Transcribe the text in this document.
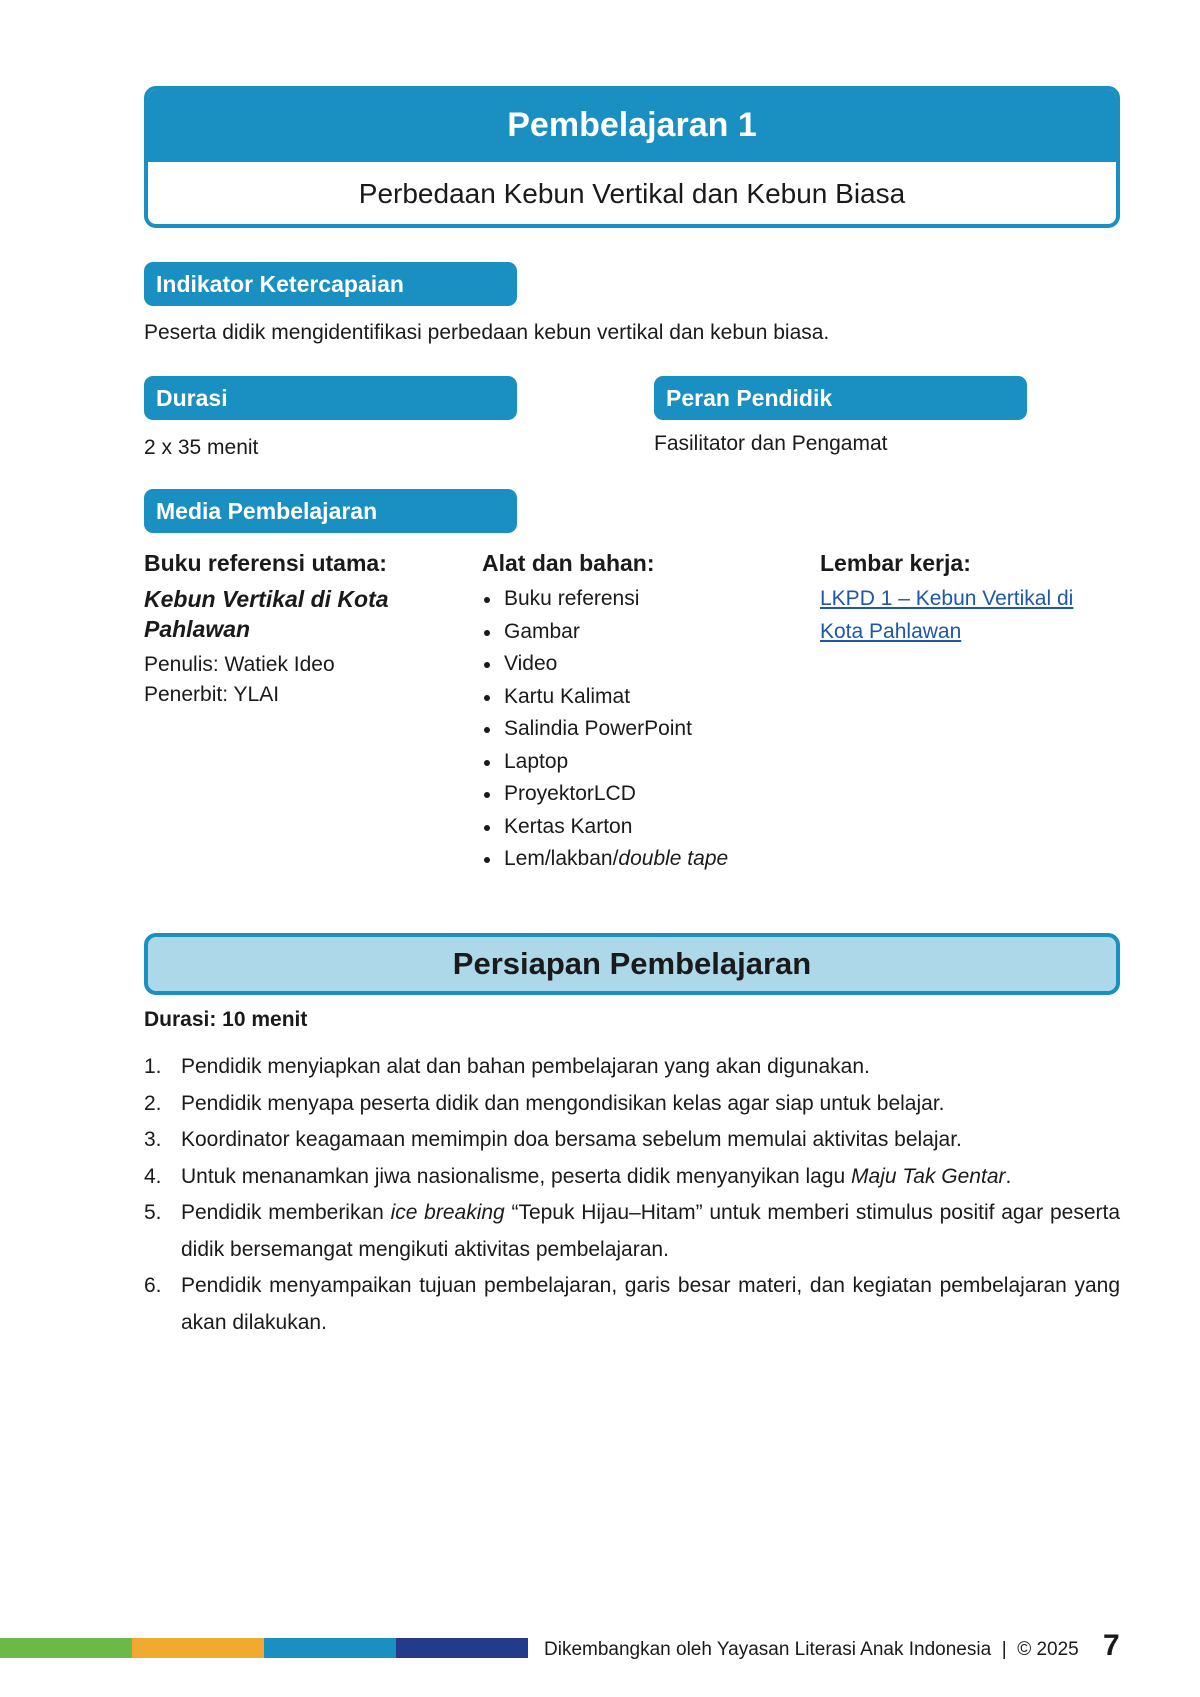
Pembelajaran 1
Perbedaan Kebun Vertikal dan Kebun Biasa
Indikator Ketercapaian
Peserta didik mengidentifikasi perbedaan kebun vertikal dan kebun biasa.
Durasi
2 x 35 menit
Peran Pendidik
Fasilitator dan Pengamat
Media Pembelajaran
Buku referensi utama:
Kebun Vertikal di Kota
Pahlawan
Penulis: Watiek Ideo
Penerbit: YLAI
Alat dan bahan:
Buku referensi
Gambar
Video
Kartu Kalimat
Salindia PowerPoint
Laptop
ProyektorLCD
Kertas Karton
Lem/lakban/double tape
Lembar kerja:
LKPD 1 – Kebun Vertikal di
Kota Pahlawan
Persiapan Pembelajaran
Durasi: 10 menit
1. Pendidik menyiapkan alat dan bahan pembelajaran yang akan digunakan.
2. Pendidik menyapa peserta didik dan mengondisikan kelas agar siap untuk belajar.
3. Koordinator keagamaan memimpin doa bersama sebelum memulai aktivitas belajar.
4. Untuk menanamkan jiwa nasionalisme, peserta didik menyanyikan lagu Maju Tak Gentar.
5. Pendidik memberikan ice breaking “Tepuk Hijau–Hitam” untuk memberi stimulus positif agar peserta didik bersemangat mengikuti aktivitas pembelajaran.
6. Pendidik menyampaikan tujuan pembelajaran, garis besar materi, dan kegiatan pembelajaran yang akan dilakukan.
Dikembangkan oleh Yayasan Literasi Anak Indonesia  |  © 2025 7
